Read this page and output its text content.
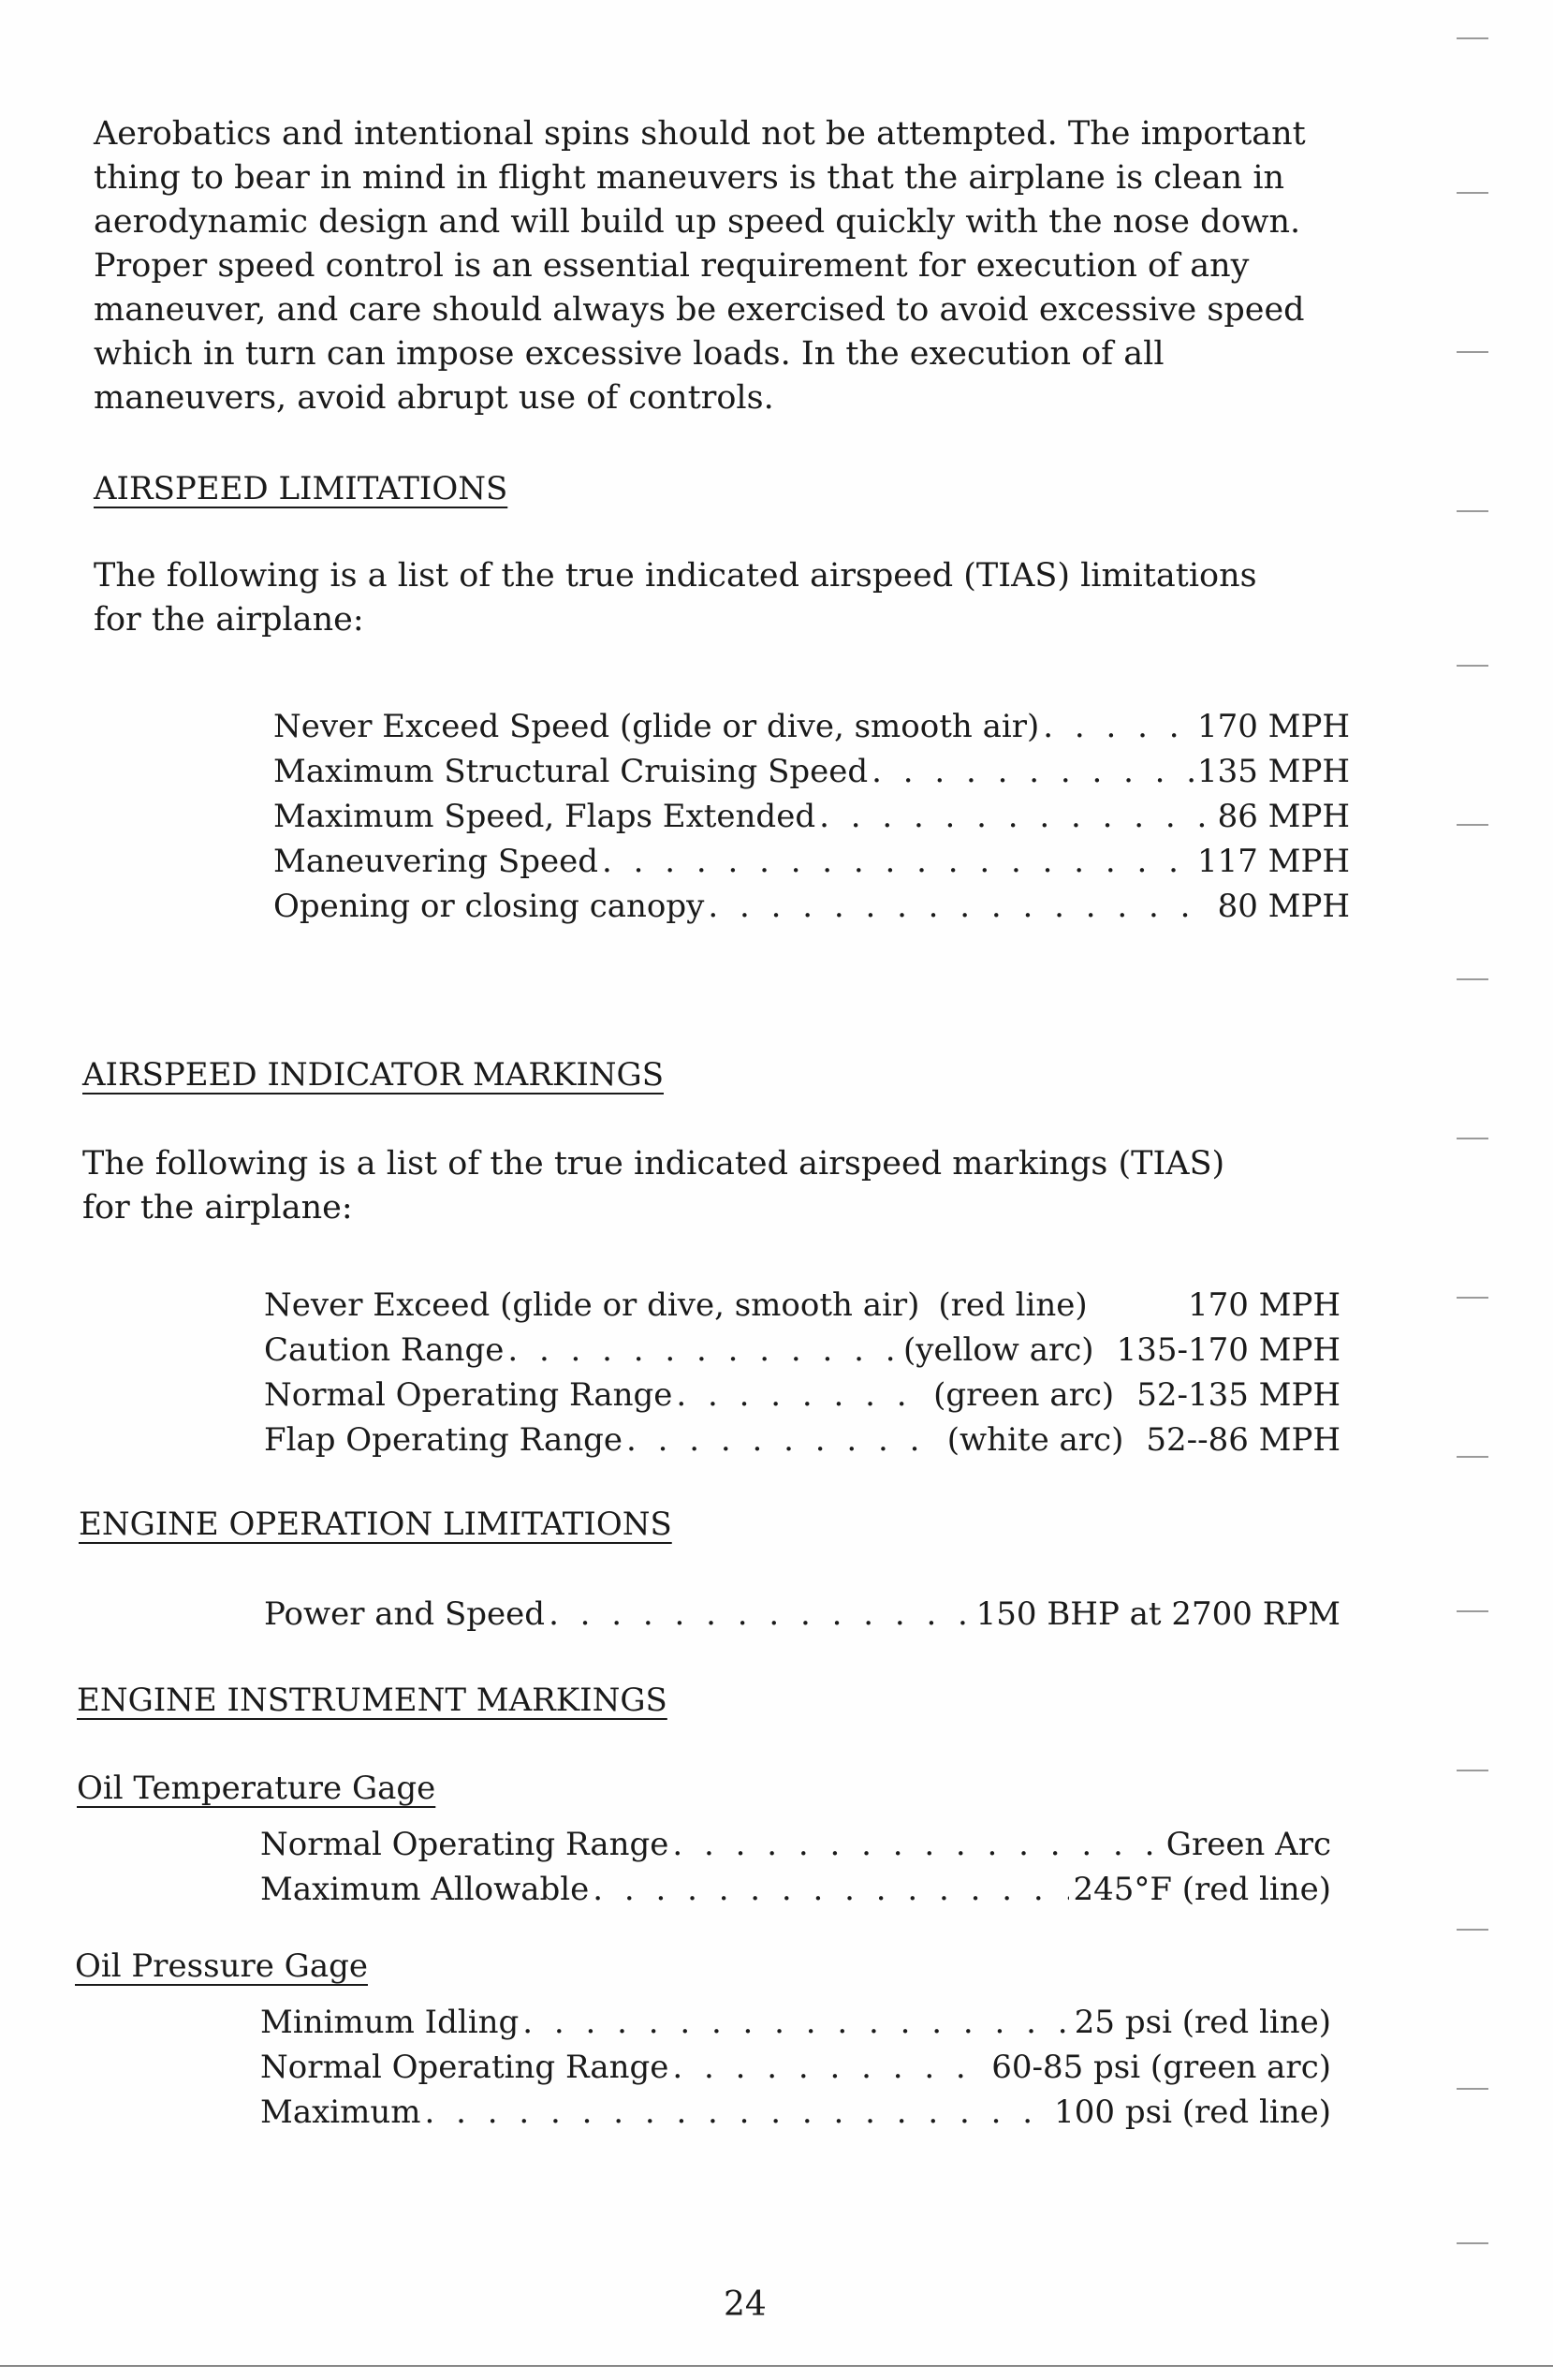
Aerobatics and intentional spins should not be attempted. The important
thing to bear in mind in flight maneuvers is that the airplane is clean in
aerodynamic design and will build up speed quickly with the nose down.
Proper speed control is an essential requirement for execution of any
maneuver, and care should always be exercised to avoid excessive speed
which in turn can impose excessive loads. In the execution of all
maneuvers, avoid abrupt use of controls.
AIRSPEED LIMITATIONS
The following is a list of the true indicated airspeed (TIAS) limitations
for the airplane:
Never Exceed Speed (glide or dive, smooth air) . . .	170 MPH
Maximum Structural Cruising Speed . . .	135 MPH
Maximum Speed, Flaps Extended . . .	86 MPH
Maneuvering Speed . . .	117 MPH
Opening or closing canopy . . .	80 MPH
AIRSPEED INDICATOR MARKINGS
The following is a list of the true indicated airspeed markings (TIAS)
for the airplane:
Never Exceed (glide or dive, smooth air) (red line)	170 MPH
Caution Range . . .	(yellow arc) 135-170 MPH
Normal Operating Range . . .	(green arc) 52-135 MPH
Flap Operating Range . . .	(white arc) 52--86 MPH
ENGINE OPERATION LIMITATIONS
Power and Speed . . .	150 BHP at 2700 RPM
ENGINE INSTRUMENT MARKINGS
Oil Temperature Gage
Normal Operating Range . . .	Green Arc
Maximum Allowable . . .	245°F (red line)
Oil Pressure Gage
Minimum Idling . . .	25 psi (red line)
Normal Operating Range . . .	60-85 psi (green arc)
Maximum . . .	100 psi (red line)
24
